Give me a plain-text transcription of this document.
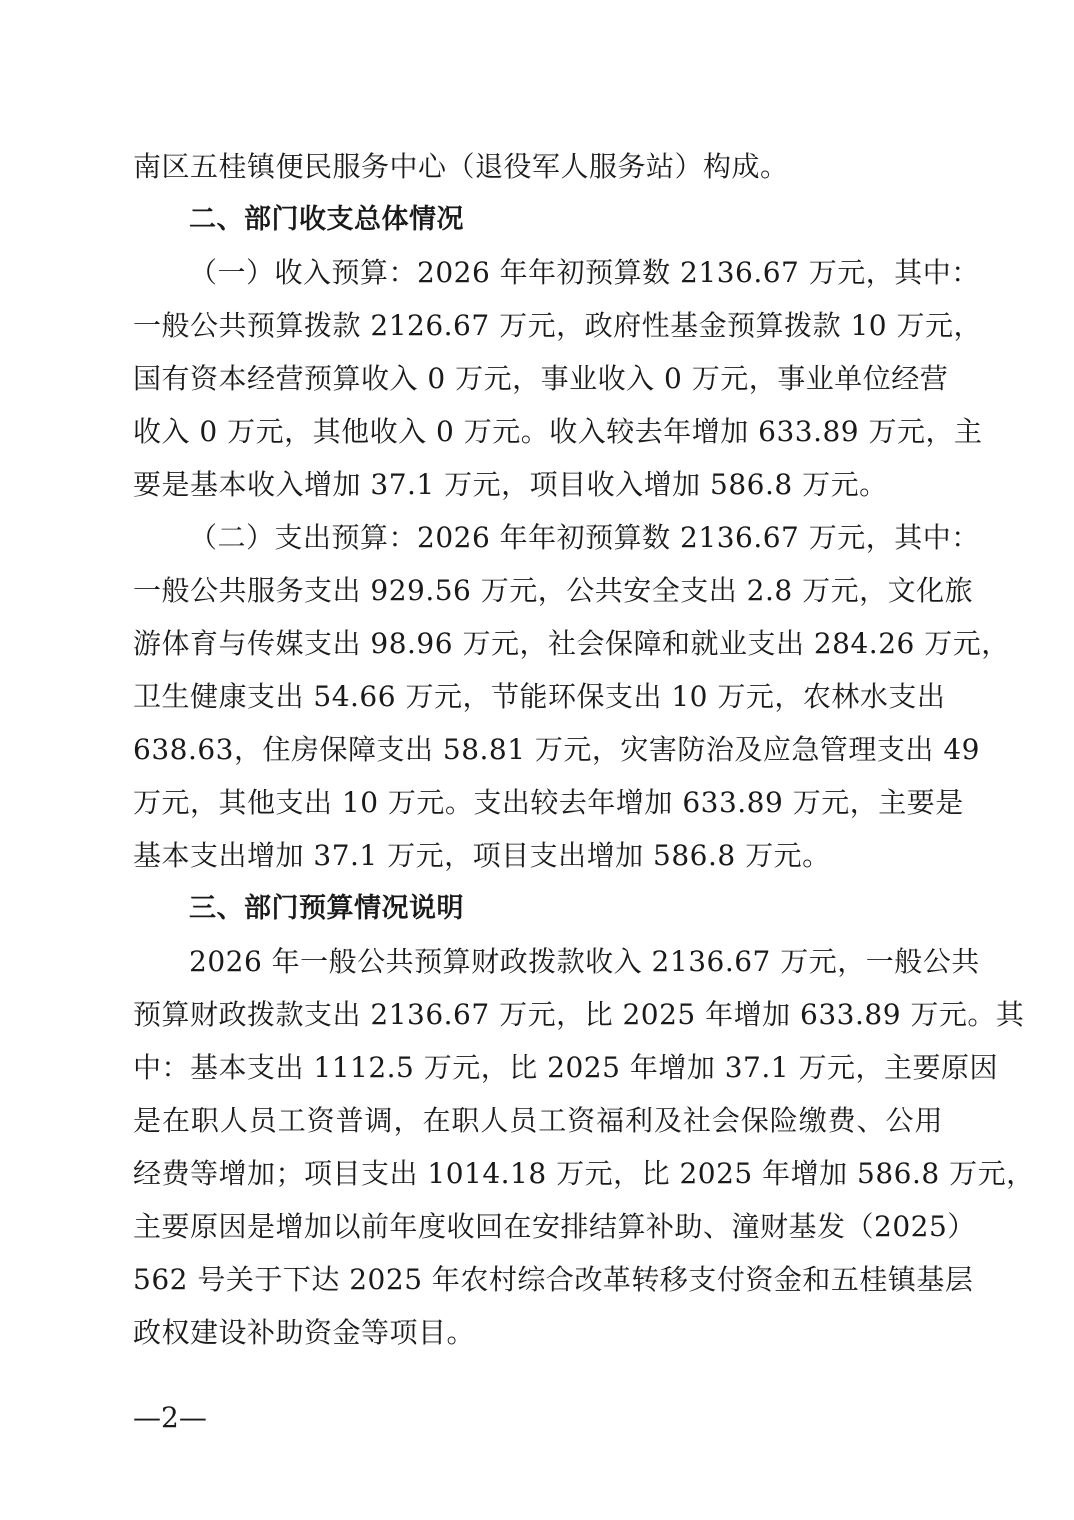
南区五桂镇便民服务中心（退役军人服务站）构成。
二、部门收支总体情况
（一）收入预算：2026 年年初预算数 2136.67 万元，其中：
一般公共预算拨款 2126.67 万元，政府性基金预算拨款 10 万元，
国有资本经营预算收入 0 万元，事业收入 0 万元，事业单位经营
收入 0 万元，其他收入 0 万元。收入较去年增加 633.89 万元，主
要是基本收入增加 37.1 万元，项目收入增加 586.8 万元。
（二）支出预算：2026 年年初预算数 2136.67 万元，其中：
一般公共服务支出 929.56 万元，公共安全支出 2.8 万元，文化旅
游体育与传媒支出 98.96 万元，社会保障和就业支出 284.26 万元，
卫生健康支出 54.66 万元，节能环保支出 10 万元，农林水支出
638.63，住房保障支出 58.81 万元，灾害防治及应急管理支出 49
万元，其他支出 10 万元。支出较去年增加 633.89 万元，主要是
基本支出增加 37.1 万元，项目支出增加 586.8 万元。
三、部门预算情况说明
2026 年一般公共预算财政拨款收入 2136.67 万元，一般公共
预算财政拨款支出 2136.67 万元，比 2025 年增加 633.89 万元。其
中：基本支出 1112.5 万元，比 2025 年增加 37.1 万元，主要原因
是在职人员工资普调，在职人员工资福利及社会保险缴费、公用
经费等增加；项目支出 1014.18 万元，比 2025 年增加 586.8 万元，
主要原因是增加以前年度收回在安排结算补助、潼财基发（2025）
562 号关于下达 2025 年农村综合改革转移支付资金和五桂镇基层
政权建设补助资金等项目。
—2—
